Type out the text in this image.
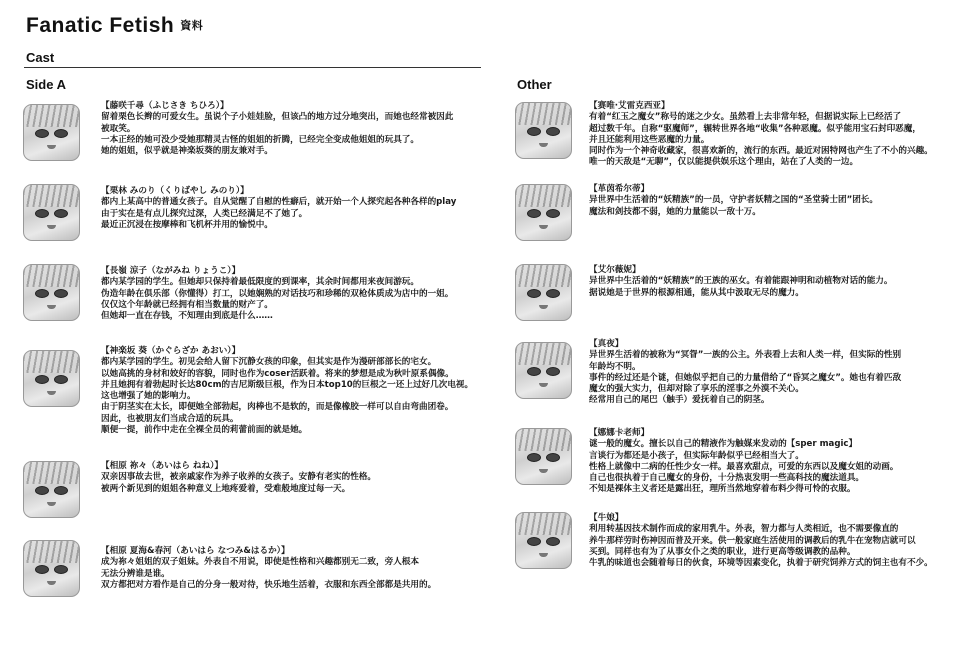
Fanatic Fetish $^{資料}$
Cast
Side A	Other
【藤咲千尋（ふじさき ちひろ）】
留着栗色长辫的可爱女生。虽说个子小娃娃脸，但该凸的地方过分地突出，而她也经常被因此
被取笑。
一本正经的她可没少受她那精灵古怪的姐姐的折腾，已经完全变成他姐姐的玩具了。
她的姐姐，似乎就是神楽坂葵的朋友兼对手。
【栗林 みのり（くりばやし みのり）】
都内上某高中的普通女孩子。自从觉醒了自慰的性癖后，就开始一个人探究起各种各样的play
由于实在是有点儿探究过深，人类已经满足不了她了。
最近正沉浸在按摩棒和飞机杯并用的愉悦中。
【長嶺 涼子（ながみね りょうこ）】
都内某学园的学生。但她却只保持着最低限度的到课率，其余时间都用来夜间游玩。
伪造年龄在俱乐部（你懂得）打工，以她娴熟的对话技巧和珍稀的双枪体质成为店中的一姐。
仅仅这个年龄就已经拥有相当数量的财产了。
但她却一直在存钱，不知理由到底是什么……
【神楽坂 葵（かぐらざか あおい）】
都内某学园的学生。初见会给人留下沉静女孩的印象，但其实是作为漫研部部长的宅女。
以她高挑的身材和姣好的容貌，同时也作为coser活跃着。将来的梦想是成为秋叶原系偶像。
并且她拥有着勃起时长达80cm的吉尼斯级巨根，作为日本top10的巨根之一还上过好几次电视。
这也增强了她的影响力。
由于阴茎实在太长，即便她全部勃起，肉棒也不是软的，而是像橡胶一样可以自由弯曲团卷。
因此，也被朋友们当成合适的玩具。
顺便一提，前作中走在全裸全员的莉蕾前面的就是她。
【相原 祢々（あいはら ねね）】
双亲因事故去世，被亲戚家作为养子收养的女孩子。安静有老实的性格。
被两个新见到的姐姐各种意义上地疼爱着，受难般地度过每一天。
【相原 夏海&春河（あいはら なつみ&はるか）】
成为祢々姐姐的双子姐妹。外表自不用说，即使是性格和兴趣都别无二致，旁人根本
无法分辨谁是谁。
双方都把对方看作是自己的分身一般对待，快乐地生活着，衣服和东西全部都是共用的。
【赛唯·艾雷克西亚】
有着“红玉之魔女”称号的迷之少女。虽然看上去非常年轻，但据说实际上已经活了
超过数千年。自称“驱魔师”，辗转世界各地“收集”各种恶魔。似乎能用宝石封印恶魔，
并且还能利用这些恶魔的力量。
同时作为一个神奇收藏家，很喜欢新的，流行的东西。最近对困特网也产生了不小的兴趣。
唯一的天敌是“无聊”，仅以能提供娱乐这个理由，站在了人类的一边。
【革茵希尔蒂】
异世界中生活着的“妖精族”的一员，守护者妖精之国的“圣堂骑士团”团长。
魔法和剑技都不弱，她的力量能以一敌十万。
【艾尔薇妮】
异世界中生活着的“妖精族”的王族的巫女。有着能跟神明和动植物对话的能力。
据说她是于世界的根源相通，能从其中汲取无尽的魔力。
【真夜】
异世界生活着的被称为“冥眢”一族的公主。外表看上去和人类一样，但实际的性别
年龄均不明。
事件的经过还是个谜，但她似乎把自己的力量借给了“昏冥之魔女”。她也有着匹敌
魔女的强大实力，但却对除了享乐的淫事之外漠不关心。
经常用自己的尾巴（触手）爱抚着自己的阴茎。
【娜娜卡老师】
谜一般的魔女。擅长以自己的精液作为触媒来发动的【sper magic】
言谈行为都还是小孩子，但实际年龄似乎已经相当大了。
性格上就像中二病的任性少女一样。最喜欢甜点，可爱的东西以及魔女姐的动画。
自己也很执着于自己魔女的身份，十分热衷发明一些高科技的魔法道具。
不知是裸体主义者还是露出狂，理所当然地穿着布料少得可怜的衣服。
【牛娘】
利用转基因技术制作而成的家用乳牛。外表，智力都与人类相近，也不需要像直的
养牛那样劳时伤神因而普及开来。供一般家庭生活使用的调教后的乳牛在宠物店就可以
买到。同样也有为了从事女仆之类的职业，进行更高等级调教的品种。
牛乳的味道也会随着每日的伙食，环境等因素变化，执着于研究饲养方式的饲主也有不少。
